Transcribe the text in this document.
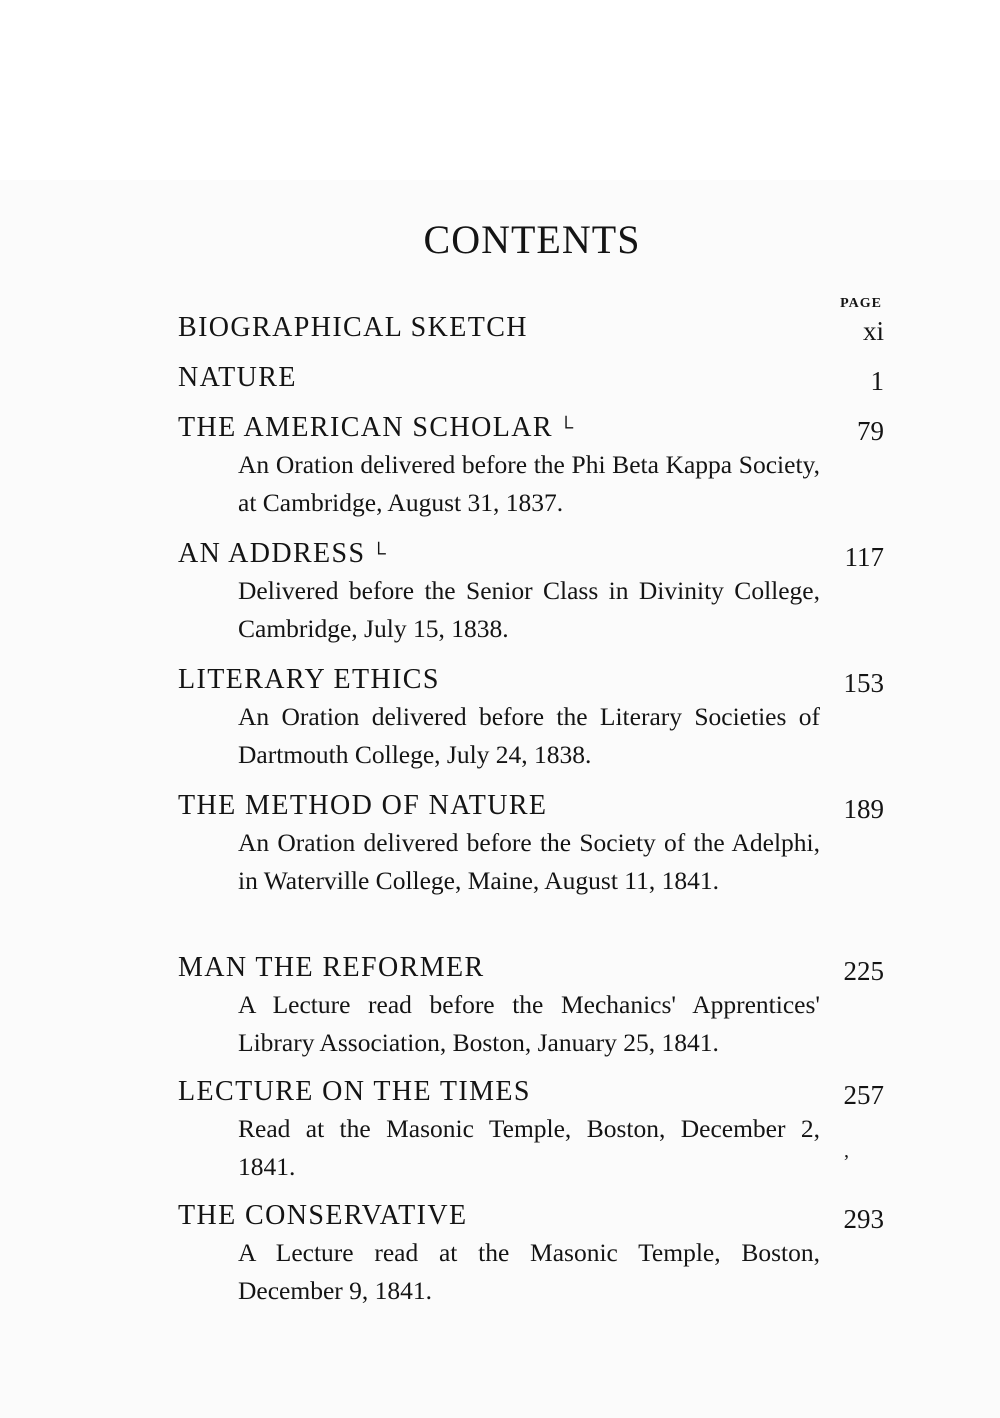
CONTENTS
PAGE
BIOGRAPHICAL SKETCH	xi
NATURE	1
THE AMERICAN SCHOLAR └	79
An Oration delivered before the Phi Beta Kappa Society, at Cambridge, August 31, 1837.
AN ADDRESS └	117
Delivered before the Senior Class in Divinity College, Cambridge, July 15, 1838.
LITERARY ETHICS	153
An Oration delivered before the Literary Societies of Dartmouth College, July 24, 1838.
THE METHOD OF NATURE	189
An Oration delivered before the Society of the Adelphi, in Waterville College, Maine, August 11, 1841.
MAN THE REFORMER	225
A Lecture read before the Mechanics' Apprentices' Library Association, Boston, January 25, 1841.
LECTURE ON THE TIMES	257
Read at the Masonic Temple, Boston, December 2, 1841.
THE CONSERVATIVE	293
A Lecture read at the Masonic Temple, Boston, December 9, 1841.
,
